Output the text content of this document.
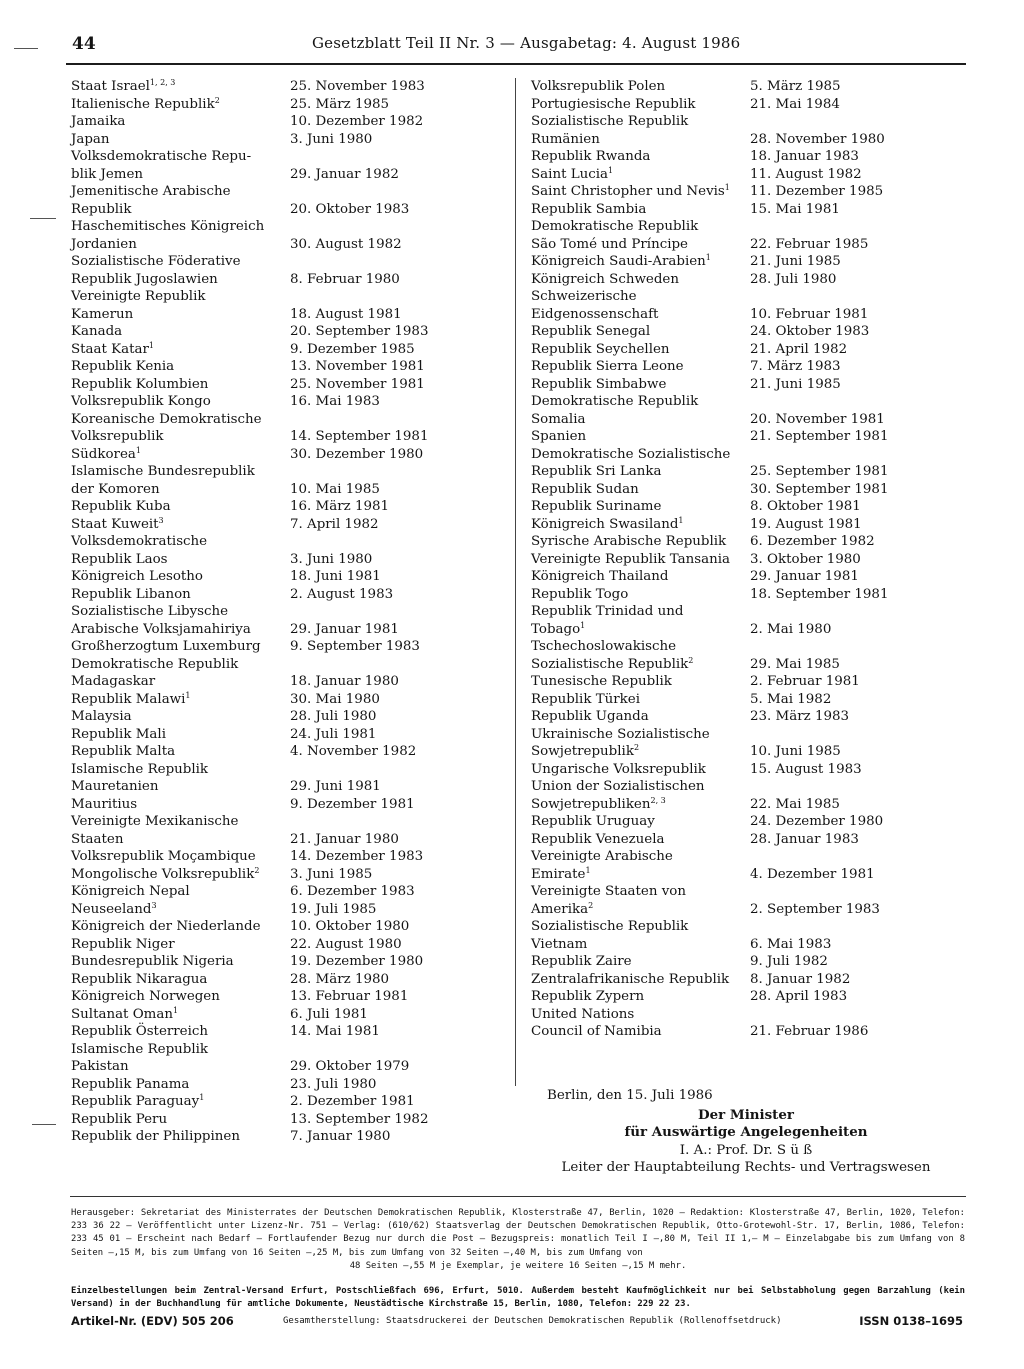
44	Gesetzblatt Teil II Nr. 3 — Ausgabetag: 4. August 1986
Staat Israel$^{1, 2, 3}$	25. November 1983
Italienische Republik$^2$	25. März 1985
Jamaika	10. Dezember 1982
Japan	3. Juni 1980
Volksdemokratische Repu-
blik Jemen	29. Januar 1982
Jemenitische Arabische
Republik	20. Oktober 1983
Haschemitisches Königreich
Jordanien	30. August 1982
Sozialistische Föderative
Republik Jugoslawien	8. Februar 1980
Vereinigte Republik
Kamerun	18. August 1981
Kanada	20. September 1983
Staat Katar$^1$	9. Dezember 1985
Republik Kenia	13. November 1981
Republik Kolumbien	25. November 1981
Volksrepublik Kongo	16. Mai 1983
Koreanische Demokratische
Volksrepublik	14. September 1981
Südkorea$^1$	30. Dezember 1980
Islamische Bundesrepublik
der Komoren	10. Mai 1985
Republik Kuba	16. März 1981
Staat Kuweit$^3$	7. April 1982
Volksdemokratische
Republik Laos	3. Juni 1980
Königreich Lesotho	18. Juni 1981
Republik Libanon	2. August 1983
Sozialistische Libysche
Arabische Volksjamahiriya	29. Januar 1981
Großherzogtum Luxemburg 9. September 1983
Demokratische Republik
Madagaskar	18. Januar 1980
Republik Malawi$^1$	30. Mai 1980
Malaysia	28. Juli 1980
Republik Mali	24. Juli 1981
Republik Malta	4. November 1982
Islamische Republik
Mauretanien	29. Juni 1981
Mauritius	9. Dezember 1981
Vereinigte Mexikanische
Staaten	21. Januar 1980
Volksrepublik Moçambique	14. Dezember 1983
Mongolische Volksrepublik$^2$ 3. Juni 1985
Königreich Nepal	6. Dezember 1983
Neuseeland$^3$	19. Juli 1985
Königreich der Niederlande 10. Oktober 1980
Republik Niger	22. August 1980
Bundesrepublik Nigeria	19. Dezember 1980
Republik Nikaragua	28. März 1980
Königreich Norwegen	13. Februar 1981
Sultanat Oman$^1$	6. Juli 1981
Republik Österreich	14. Mai 1981
Islamische Republik
Pakistan	29. Oktober 1979
Republik Panama	23. Juli 1980
Republik Paraguay$^1$	2. Dezember 1981
Republik Peru	13. September 1982
Republik der Philippinen	7. Januar 1980
Volksrepublik Polen	5. März 1985
Portugiesische Republik	21. Mai 1984
Sozialistische Republik
Rumänien	28. November 1980
Republik Rwanda	18. Januar 1983
Saint Lucia$^1$	11. August 1982
Saint Christopher und Nevis$^1$ 11. Dezember 1985
Republik Sambia	15. Mai 1981
Demokratische Republik
São Tomé und Príncipe	22. Februar 1985
Königreich Saudi-Arabien$^1$	21. Juni 1985
Königreich Schweden	28. Juli 1980
Schweizerische
Eidgenossenschaft	10. Februar 1981
Republik Senegal	24. Oktober 1983
Republik Seychellen	21. April 1982
Republik Sierra Leone	7. März 1983
Republik Simbabwe	21. Juni 1985
Demokratische Republik
Somalia	20. November 1981
Spanien	21. September 1981
Demokratische Sozialistische
Republik Sri Lanka	25. September 1981
Republik Sudan	30. September 1981
Republik Suriname	8. Oktober 1981
Königreich Swasiland$^1$	19. August 1981
Syrische Arabische Republik 6. Dezember 1982
Vereinigte Republik Tansania 3. Oktober 1980
Königreich Thailand	29. Januar 1981
Republik Togo	18. September 1981
Republik Trinidad und
Tobago$^1$	2. Mai 1980
Tschechoslowakische
Sozialistische Republik$^2$	29. Mai 1985
Tunesische Republik	2. Februar 1981
Republik Türkei	5. Mai 1982
Republik Uganda	23. März 1983
Ukrainische Sozialistische
Sowjetrepublik$^2$	10. Juni 1985
Ungarische Volksrepublik	15. August 1983
Union der Sozialistischen
Sowjetrepubliken$^{2, 3}$	22. Mai 1985
Republik Uruguay	24. Dezember 1980
Republik Venezuela	28. Januar 1983
Vereinigte Arabische
Emirate$^1$	4. Dezember 1981
Vereinigte Staaten von
Amerika$^2$	2. September 1983
Sozialistische Republik
Vietnam	6. Mai 1983
Republik Zaire	9. Juli 1982
Zentralafrikanische Republik 8. Januar 1982
Republik Zypern	28. April 1983
United Nations
Council of Namibia	21. Februar 1986
Berlin, den 15. Juli 1986
Der Minister
für Auswärtige Angelegenheiten
I. A.: Prof. Dr. S ü ß
Leiter der Hauptabteilung Rechts- und Vertragswesen

Herausgeber: Sekretariat des Ministerrates der Deutschen Demokratischen Republik, Klosterstraße 47, Berlin, 1020 – Redaktion: Klosterstraße 47, Berlin, 1020, Telefon: 233 36 22 – Veröffentlicht unter Lizenz-Nr. 751 – Verlag: (610/62) Staatsverlag der Deutschen Demokratischen Republik, Otto-Grotewohl-Str. 17, Berlin, 1086, Telefon: 233 45 01 – Erscheint nach Bedarf – Fortlaufender Bezug nur durch die Post – Bezugspreis: monatlich Teil I –,80 M, Teil II 1,– M – Einzelabgabe bis zum Umfang von 8 Seiten –,15 M, bis zum Umfang von 16 Seiten –,25 M, bis zum Umfang von 32 Seiten –,40 M, bis zum Umfang von

48 Seiten –,55 M je Exemplar, je weitere 16 Seiten –,15 M mehr.

Einzelbestellungen beim Zentral-Versand Erfurt, Postschließfach 696, Erfurt, 5010. Außerdem besteht Kaufmöglichkeit nur bei Selbstabholung gegen Barzahlung (kein Versand) in der Buchhandlung für amtliche Dokumente, Neustädtische Kirchstraße 15, Berlin, 1080, Telefon: 229 22 23.
Artikel-Nr. (EDV) 505 206	Gesamtherstellung: Staatsdruckerei der Deutschen Demokratischen Republik (Rollenoffsetdruck)	ISSN 0138–1695
